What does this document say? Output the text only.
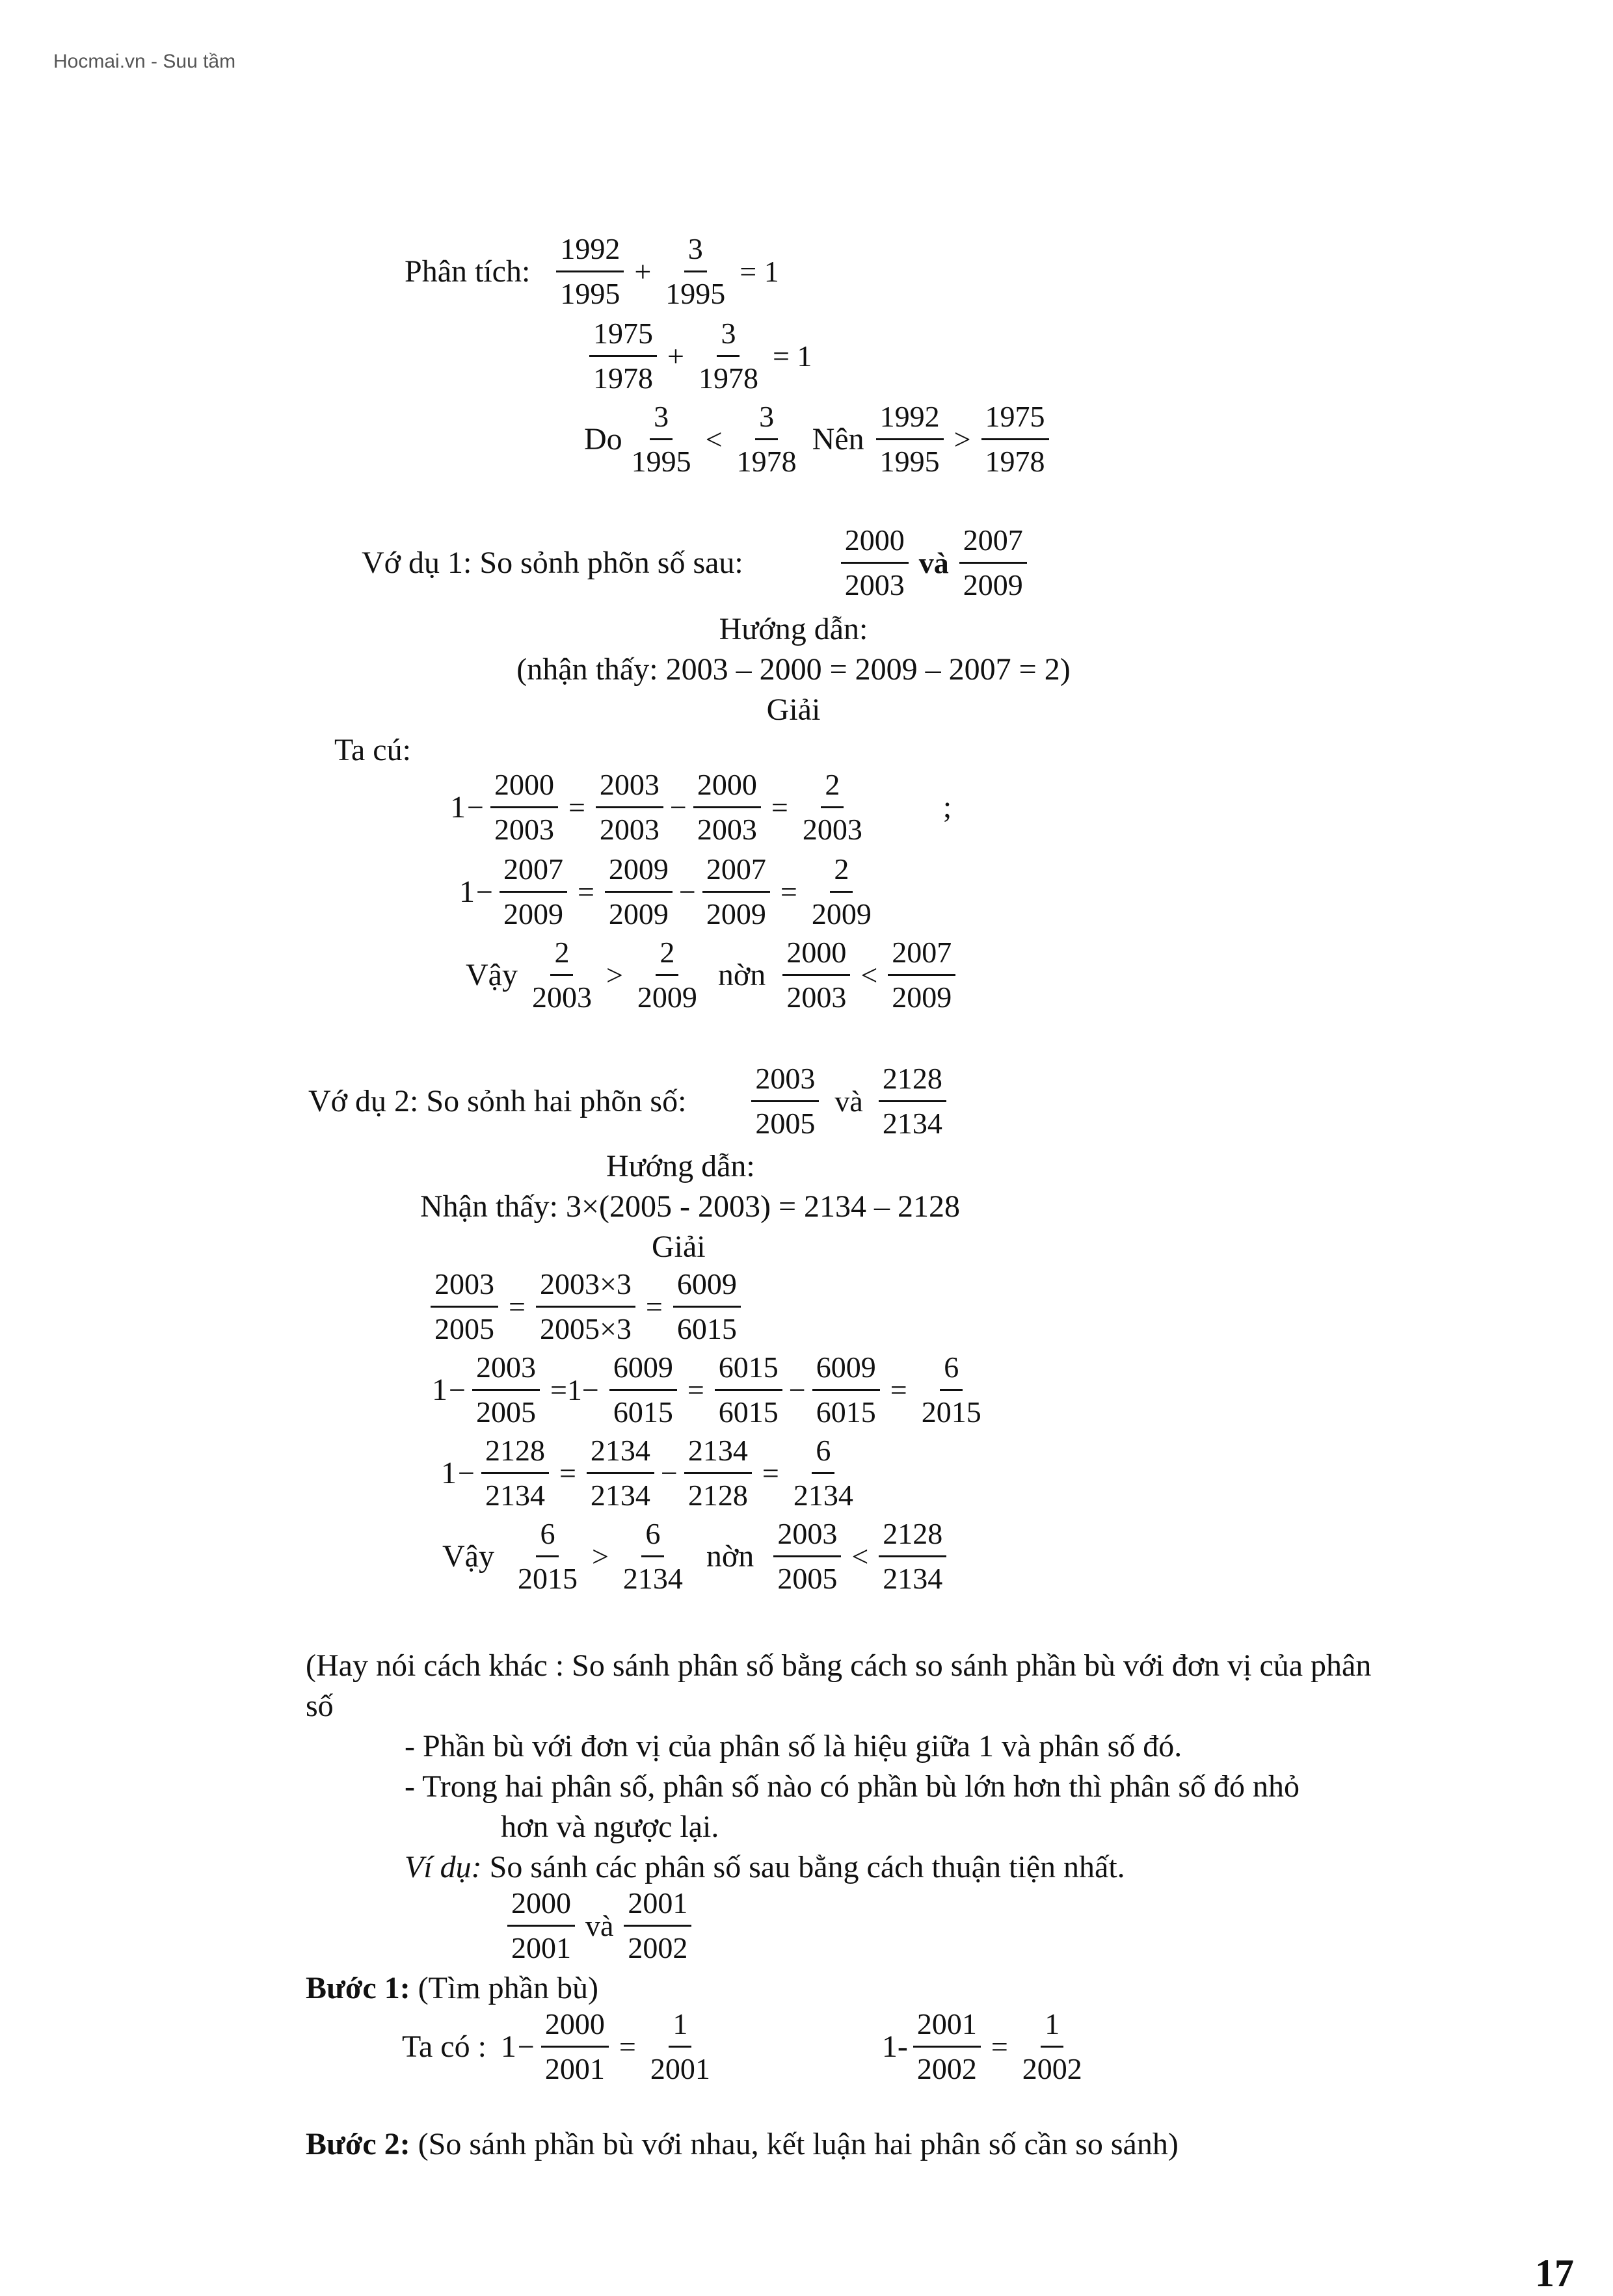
Hocmai.vn - Suu tầm
Phân tích: $\frac{1992}{1995} + \frac{3}{1995} = 1$
$\frac{1975}{1978} + \frac{3}{1978} = 1$
Do $\frac{3}{1995} < \frac{3}{1978}$ Nên $\frac{1992}{1995} > \frac{1975}{1978}$
Vớ dụ 1: So sỏnh phõn số sau:	$\frac{2000}{2003}$ và $\frac{2007}{2009}$
Hướng dẫn:
(nhận thấy: 2003 – 2000 = 2009 – 2007 = 2)
Giải
Ta cú:
$1 - \frac{2000}{2003} = \frac{2003}{2003} - \frac{2000}{2003} = \frac{2}{2003}$ ;
$1 - \frac{2007}{2009} = \frac{2009}{2009} - \frac{2007}{2009} = \frac{2}{2009}$
Vậy $\frac{2}{2003} > \frac{2}{2009}$ nờn $\frac{2000}{2003} < \frac{2007}{2009}$
Vớ dụ 2: So sỏnh hai phõn số: $\frac{2003}{2005}$ và $\frac{2128}{2134}$
Hướng dẫn:
Nhận thấy: 3×(2005 - 2003) = 2134 – 2128
Giải
$\frac{2003}{2005} = \frac{2003\times 3}{2005\times 3} = \frac{6009}{6015}$
$1 - \frac{2003}{2005} =1- \frac{6009}{6015} = \frac{6015}{6015} - \frac{6009}{6015} = \frac{6}{2015}$
$1 - \frac{2128}{2134} = \frac{2134}{2134} - \frac{2134}{2128} = \frac{6}{2134}$
Vậy $\frac{6}{2015} > \frac{6}{2134}$ nờn $\frac{2003}{2005} < \frac{2128}{2134}$
(Hay nói cách khác : So sánh phân số bằng cách so sánh phần bù với đơn vị của phân
số
- Phần bù với đơn vị của phân số là hiệu giữa 1 và phân số đó.
- Trong hai phân số, phân số nào có phần bù lớn hơn thì phân số đó nhỏ
hơn và ngược lại.
Ví dụ: So sánh các phân số sau bằng cách thuận tiện nhất.
$\frac{2000}{2001}$ và $\frac{2001}{2002}$
Bước 1: (Tìm phần bù)
Ta có : $1 - \frac{2000}{2001} = \frac{1}{2001}$	$1- \frac{2001}{2002} = \frac{1}{2002}$
Bước 2: (So sánh phần bù với nhau, kết luận hai phân số cần so sánh)
17
